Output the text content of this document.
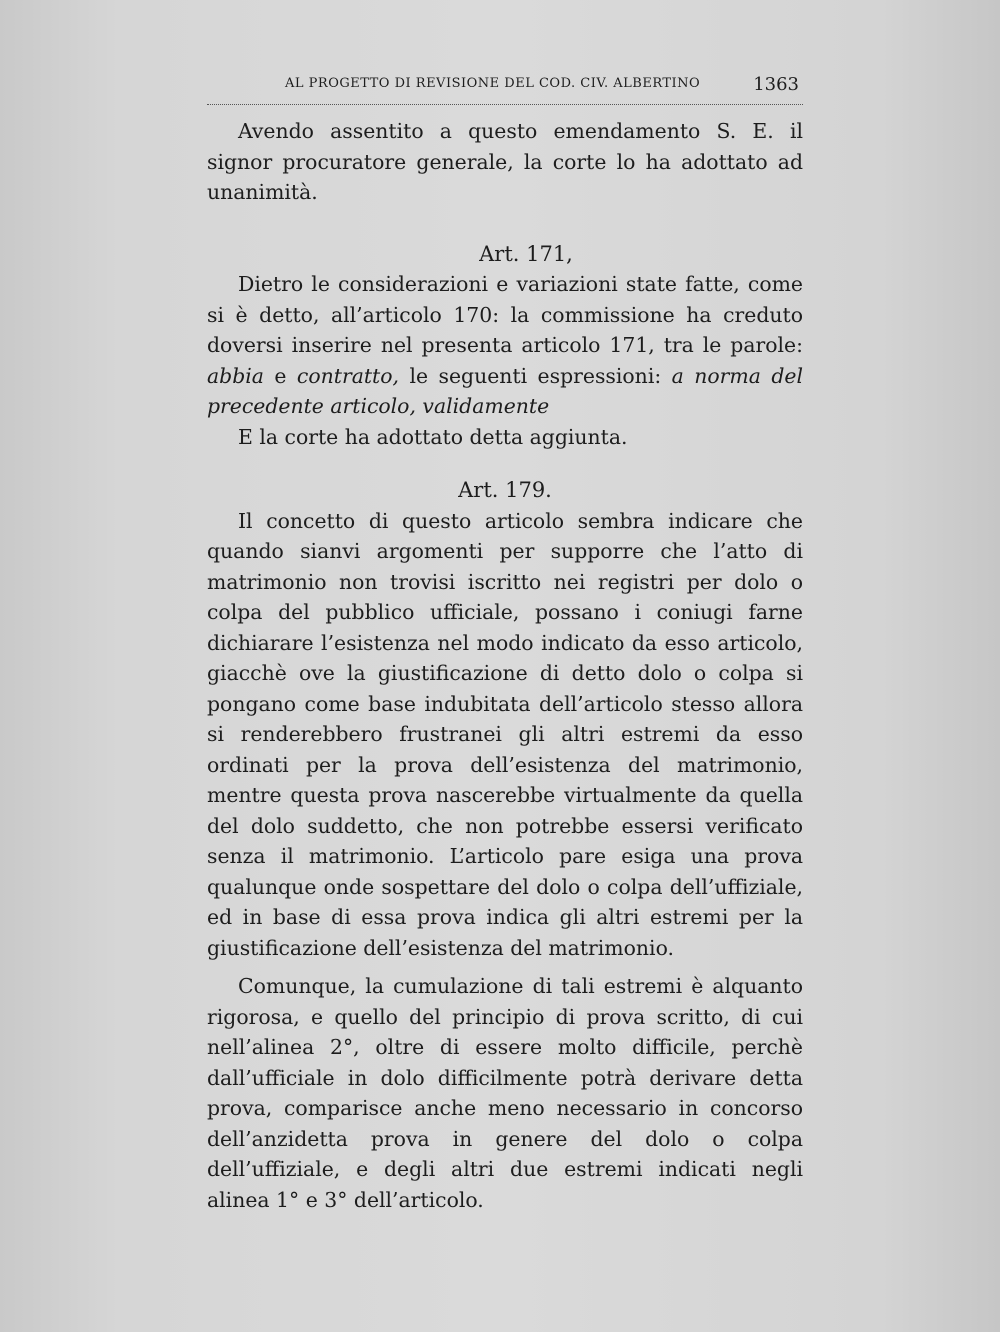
AL PROGETTO DI REVISIONE DEL COD. CIV. ALBERTINO	1363

Avendo assentito a questo emendamento S. E. il signor procuratore generale, la corte lo ha adottato ad unanimità.

Art. 171,

Dietro le considerazioni e variazioni state fatte, come si è detto, all’articolo 170: la commissione ha creduto doversi inserire nel presenta articolo 171, tra le parole: abbia e contratto, le seguenti espressioni: a norma del precedente articolo, validamente

E la corte ha adottato detta aggiunta.

Art. 179.

Il concetto di questo articolo sembra indicare che quando sianvi argomenti per supporre che l’atto di matrimonio non trovisi iscritto nei registri per dolo o colpa del pubblico ufficiale, possano i coniugi farne dichiarare l’esistenza nel modo indicato da esso articolo, giacchè ove la giustificazione di detto dolo o colpa si pongano come base indubitata dell’articolo stesso allora si renderebbero frustranei gli altri estremi da esso ordinati per la prova dell’esistenza del matrimonio, mentre questa prova nascerebbe virtualmente da quella del dolo suddetto, che non potrebbe essersi verificato senza il matrimonio. L’articolo pare esiga una prova qualunque onde sospettare del dolo o colpa dell’uffiziale, ed in base di essa prova indica gli altri estremi per la giustificazione dell’esistenza del matrimonio.

Comunque, la cumulazione di tali estremi è alquanto rigorosa, e quello del principio di prova scritto, di cui nell’alinea 2°, oltre di essere molto difficile, perchè dall’ufficiale in dolo difficilmente potrà derivare detta prova, comparisce anche meno necessario in concorso dell’anzidetta prova in genere del dolo o colpa dell’uffiziale, e degli altri due estremi indicati negli alinea 1° e 3° dell’articolo.
